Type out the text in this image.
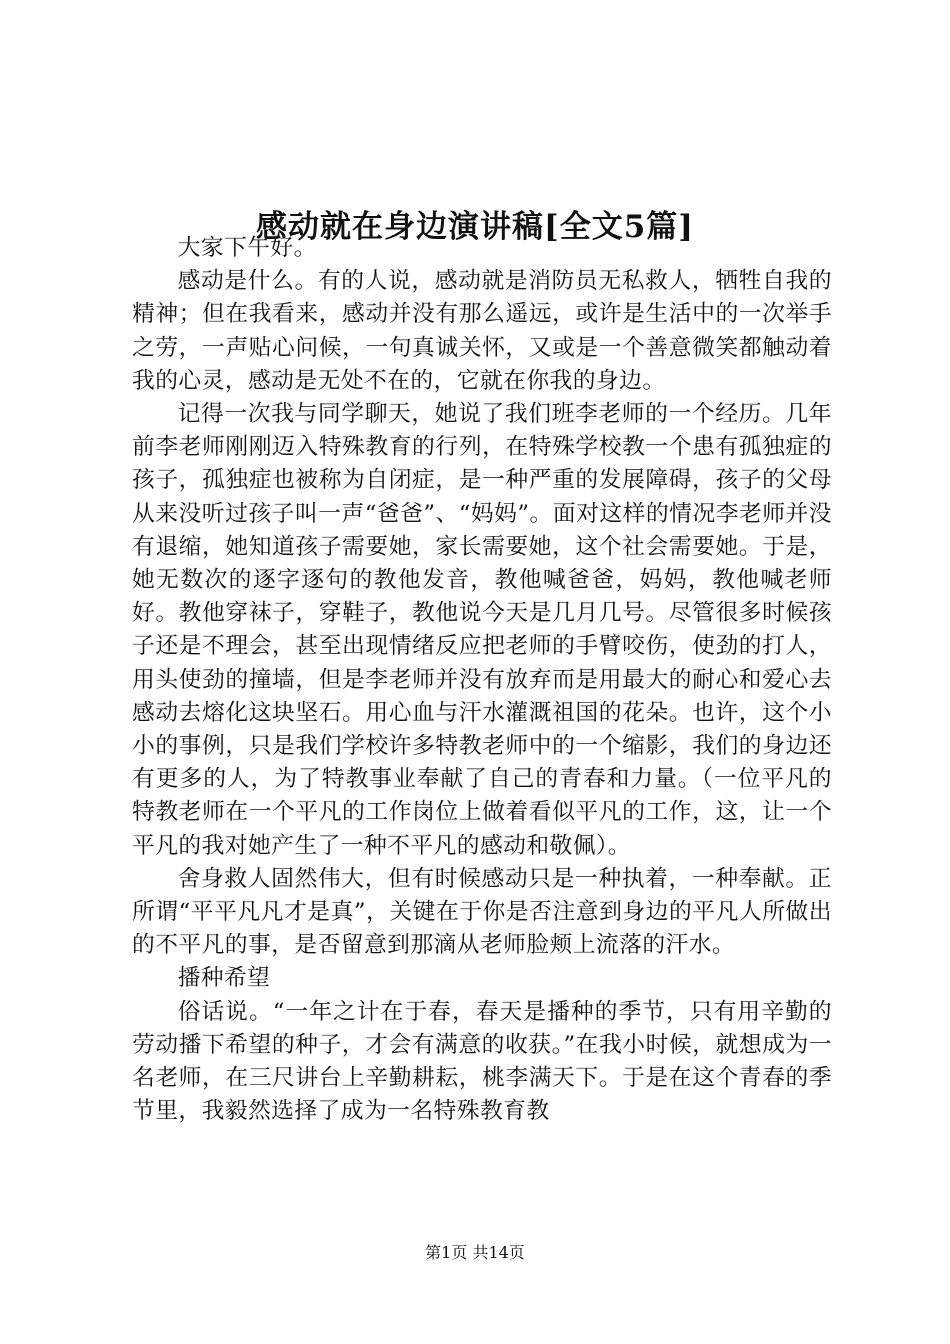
感动就在身边演讲稿[全文5篇]

大家下午好。

感动是什么。有的人说，感动就是消防员无私救人，牺牲自我的精神；但在我看来，感动并没有那么遥远，或许是生活中的一次举手之劳，一声贴心问候，一句真诚关怀，又或是一个善意微笑都触动着我的心灵，感动是无处不在的，它就在你我的身边。

记得一次我与同学聊天，她说了我们班李老师的一个经历。几年前李老师刚刚迈入特殊教育的行列，在特殊学校教一个患有孤独症的孩子，孤独症也被称为自闭症，是一种严重的发展障碍，孩子的父母从来没听过孩子叫一声“爸爸”、“妈妈”。面对这样的情况李老师并没有退缩，她知道孩子需要她，家长需要她，这个社会需要她。于是，她无数次的逐字逐句的教他发音，教他喊爸爸，妈妈，教他喊老师好。教他穿袜子，穿鞋子，教他说今天是几月几号。尽管很多时候孩子还是不理会，甚至出现情绪反应把老师的手臂咬伤，使劲的打人，用头使劲的撞墙，但是李老师并没有放弃而是用最大的耐心和爱心去感动去熔化这块坚石。用心血与汗水灌溉祖国的花朵。也许，这个小小的事例，只是我们学校许多特教老师中的一个缩影，我们的身边还有更多的人，为了特教事业奉献了自己的青春和力量。（一位平凡的特教老师在一个平凡的工作岗位上做着看似平凡的工作，这，让一个平凡的我对她产生了一种不平凡的感动和敬佩）。

舍身救人固然伟大，但有时候感动只是一种执着，一种奉献。正所谓“平平凡凡才是真”，关键在于你是否注意到身边的平凡人所做出的不平凡的事，是否留意到那滴从老师脸颊上流落的汗水。

播种希望

俗话说。“一年之计在于春，春天是播种的季节，只有用辛勤的劳动播下希望的种子，才会有满意的收获。”在我小时候，就想成为一名老师，在三尺讲台上辛勤耕耘，桃李满天下。于是在这个青春的季节里，我毅然选择了成为一名特殊教育教

第1页 共14页
